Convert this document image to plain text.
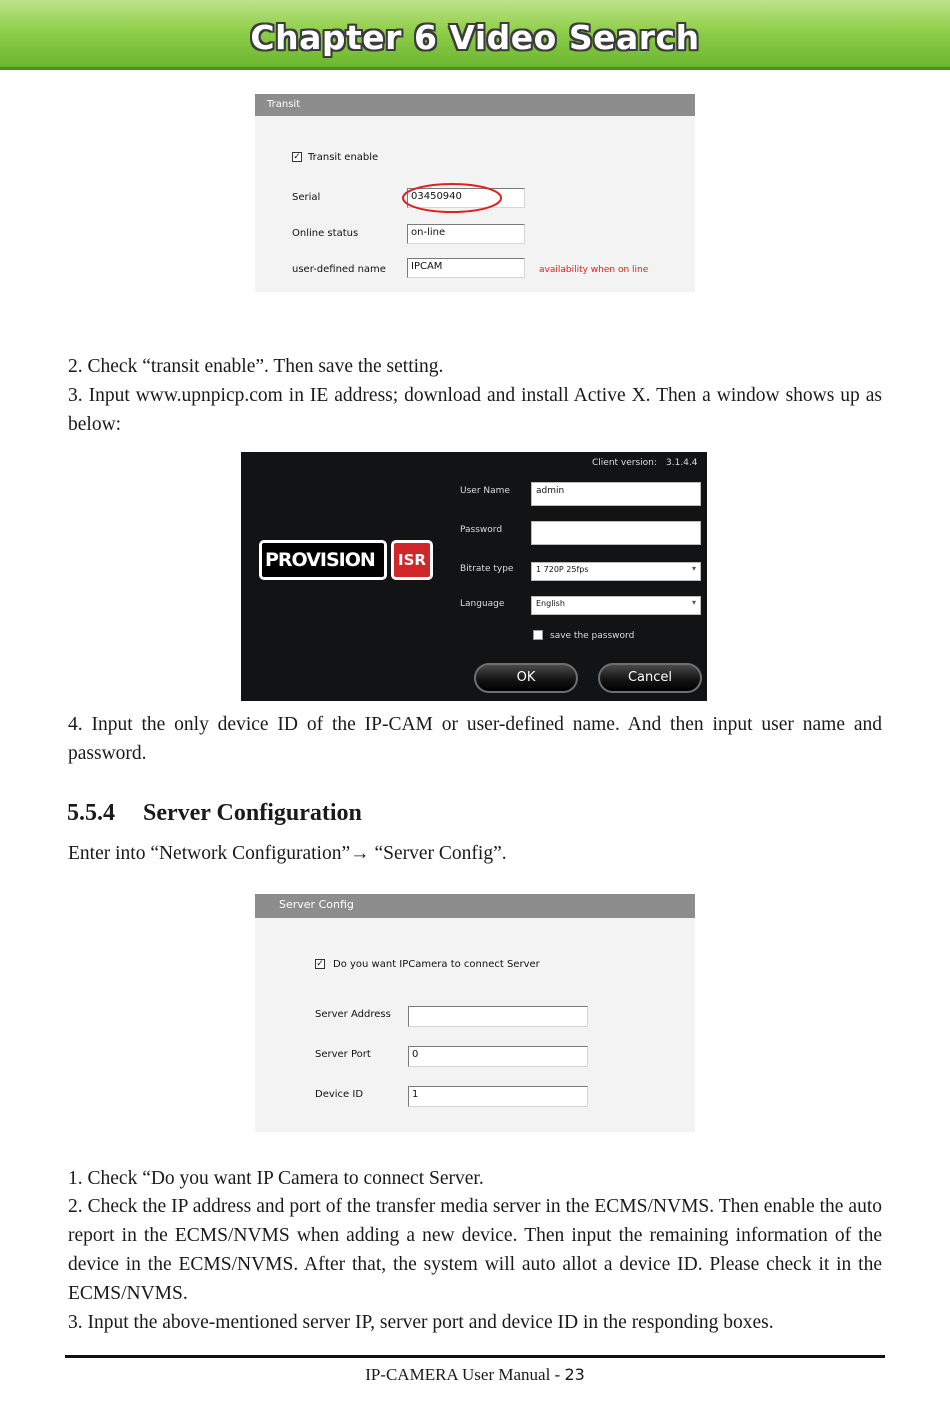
Chapter 6 Video Search
Transit
✓ Transit enable
Serial	03450940
Online status	on-line
user-defined name	IPCAM	availability when on line

2. Check “transit enable”. Then save the setting.

3. Input www.upnpicp.com in IE address; download and install Active X. Then a window shows up as below:

Client version: 3.1.4.4
PROVISION	ISR
User Name	admin
Password
Bitrate type	1 720P 25fps	▾
Language	English	▾
save the password
OK	Cancel

4. Input the only device ID of the IP-CAM or user-defined name. And then input user name and password.

5.5.4 Server Configuration

Enter into “Network Configuration”→ “Server Config”.

Server Config
✓ Do you want IPCamera to connect Server
Server Address
Server Port	0
Device ID	1

1. Check “Do you want IP Camera to connect Server.

2. Check the IP address and port of the transfer media server in the ECMS/NVMS. Then enable the auto report in the ECMS/NVMS when adding a new device. Then input the remaining information of the device in the ECMS/NVMS. After that, the system will auto allot a device ID. Please check it in the ECMS/NVMS.

3. Input the above-mentioned server IP, server port and device ID in the responding boxes.

IP-CAMERA User Manual - 23
